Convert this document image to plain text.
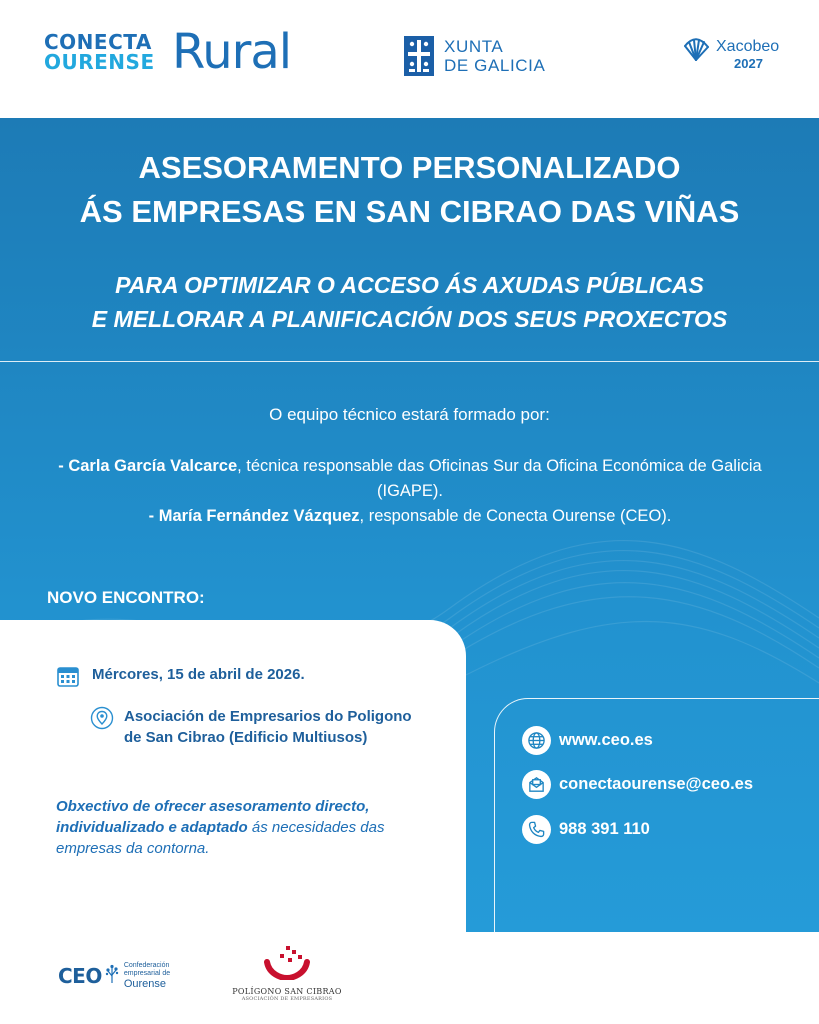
CONECTA
OURENSE Rural	XUNTA
DE GALICIA
Xacobeo
2027
ASESORAMENTO PERSONALIZADO
ÁS EMPRESAS EN SAN CIBRAO DAS VIÑAS
PARA OPTIMIZAR O ACCESO ÁS AXUDAS PÚBLICAS
E MELLORAR A PLANIFICACIÓN DOS SEUS PROXECTOS
O equipo técnico estará formado por:
- Carla García Valcarce, técnica responsable das Oficinas Sur da Oficina Económica de Galicia (IGAPE).
- María Fernández Vázquez, responsable de Conecta Ourense (CEO).
NOVO ENCONTRO:
Mércores, 15 de abril de 2026.
Asociación de Empresarios do Poligono
de San Cibrao (Edificio Multiusos)
Obxectivo de ofrecer asesoramento directo,
individualizado e adaptado ás necesidades das empresas da contorna.
www.ceo.es
conectaourense@ceo.es
988 391 110
CEO	Confederación
empresarial de
Ourense
POLÍGONO SAN CIBRAO
ASOCIACIÓN DE EMPRESARIOS
